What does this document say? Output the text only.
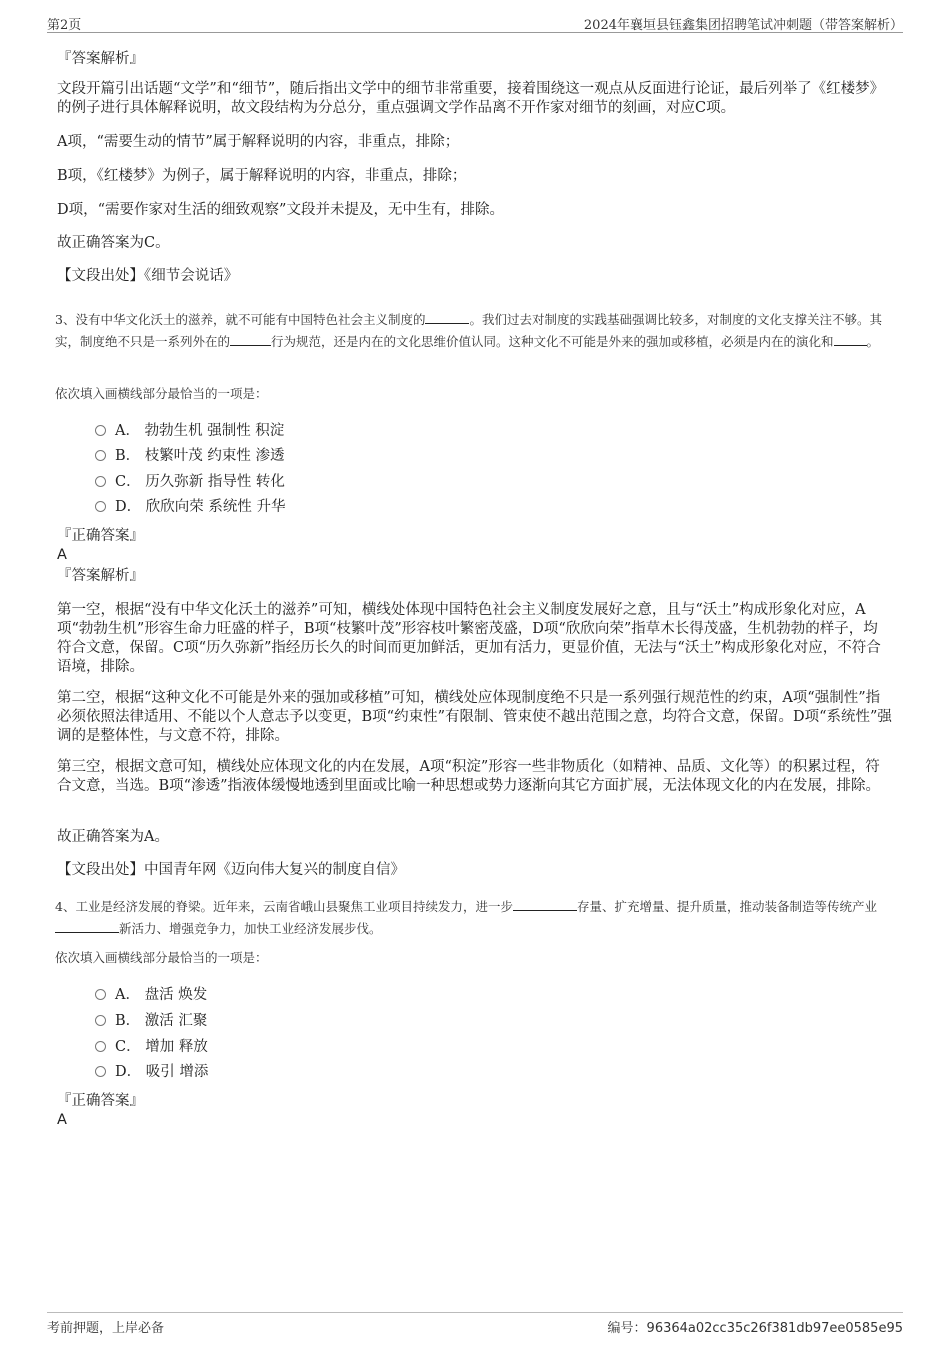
第2页	2024年襄垣县钰鑫集团招聘笔试冲刺题（带答案解析）
『答案解析』
文段开篇引出话题“文学”和“细节”，随后指出文学中的细节非常重要，接着围绕这一观点从反面进行论证，最后列举了《红楼梦》的例子进行具体解释说明，故文段结构为分总分，重点强调文学作品离不开作家对细节的刻画，对应C项。
A项，“需要生动的情节”属于解释说明的内容，非重点，排除；
B项，《红楼梦》为例子，属于解释说明的内容，非重点，排除；
D项，“需要作家对生活的细致观察”文段并未提及，无中生有，排除。
故正确答案为C。
【文段出处】《细节会说话》
3、没有中华文化沃土的滋养，就不可能有中国特色社会主义制度的	。我们过去对制度的实践基础强调比较多，对制度的文化支撑关注不够。其实，制度绝不只是一系列外在的	行为规范，还是内在的文化思维价值认同。这种文化不可能是外来的强加或移植，必须是内在的演化和	。
依次填入画横线部分最恰当的一项是：
A． 勃勃生机 强制性 积淀
B． 枝繁叶茂 约束性 渗透
C． 历久弥新 指导性 转化
D． 欣欣向荣 系统性 升华
『正确答案』
A
『答案解析』
第一空，根据“没有中华文化沃土的滋养”可知，横线处体现中国特色社会主义制度发展好之意，且与“沃土”构成形象化对应，A项“勃勃生机”形容生命力旺盛的样子，B项“枝繁叶茂”形容枝叶繁密茂盛，D项“欣欣向荣”指草木长得茂盛，生机勃勃的样子，均符合文意，保留。C项“历久弥新”指经历长久的时间而更加鲜活，更加有活力，更显价值，无法与“沃土”构成形象化对应，不符合语境，排除。
第二空，根据“这种文化不可能是外来的强加或移植”可知，横线处应体现制度绝不只是一系列强行规范性的约束，A项“强制性”指必须依照法律适用、不能以个人意志予以变更，B项“约束性”有限制、管束使不越出范围之意，均符合文意，保留。D项“系统性”强调的是整体性，与文意不符，排除。
第三空，根据文意可知，横线处应体现文化的内在发展，A项“积淀”形容一些非物质化（如精神、品质、文化等）的积累过程，符合文意，当选。B项“渗透”指液体缓慢地透到里面或比喻一种思想或势力逐渐向其它方面扩展，无法体现文化的内在发展，排除。
故正确答案为A。
【文段出处】中国青年网《迈向伟大复兴的制度自信》
4、工业是经济发展的脊梁。近年来，云南省峨山县聚焦工业项目持续发力，进一步	存量、扩充增量、提升质量，推动装备制造等传统产业新活力、增强竞争力，加快工业经济发展步伐。
依次填入画横线部分最恰当的一项是：
A． 盘活 焕发
B． 激活 汇聚
C． 增加 释放
D． 吸引 增添
『正确答案』
A
考前押题，上岸必备	编号：96364a02cc35c26f381db97ee0585e95
